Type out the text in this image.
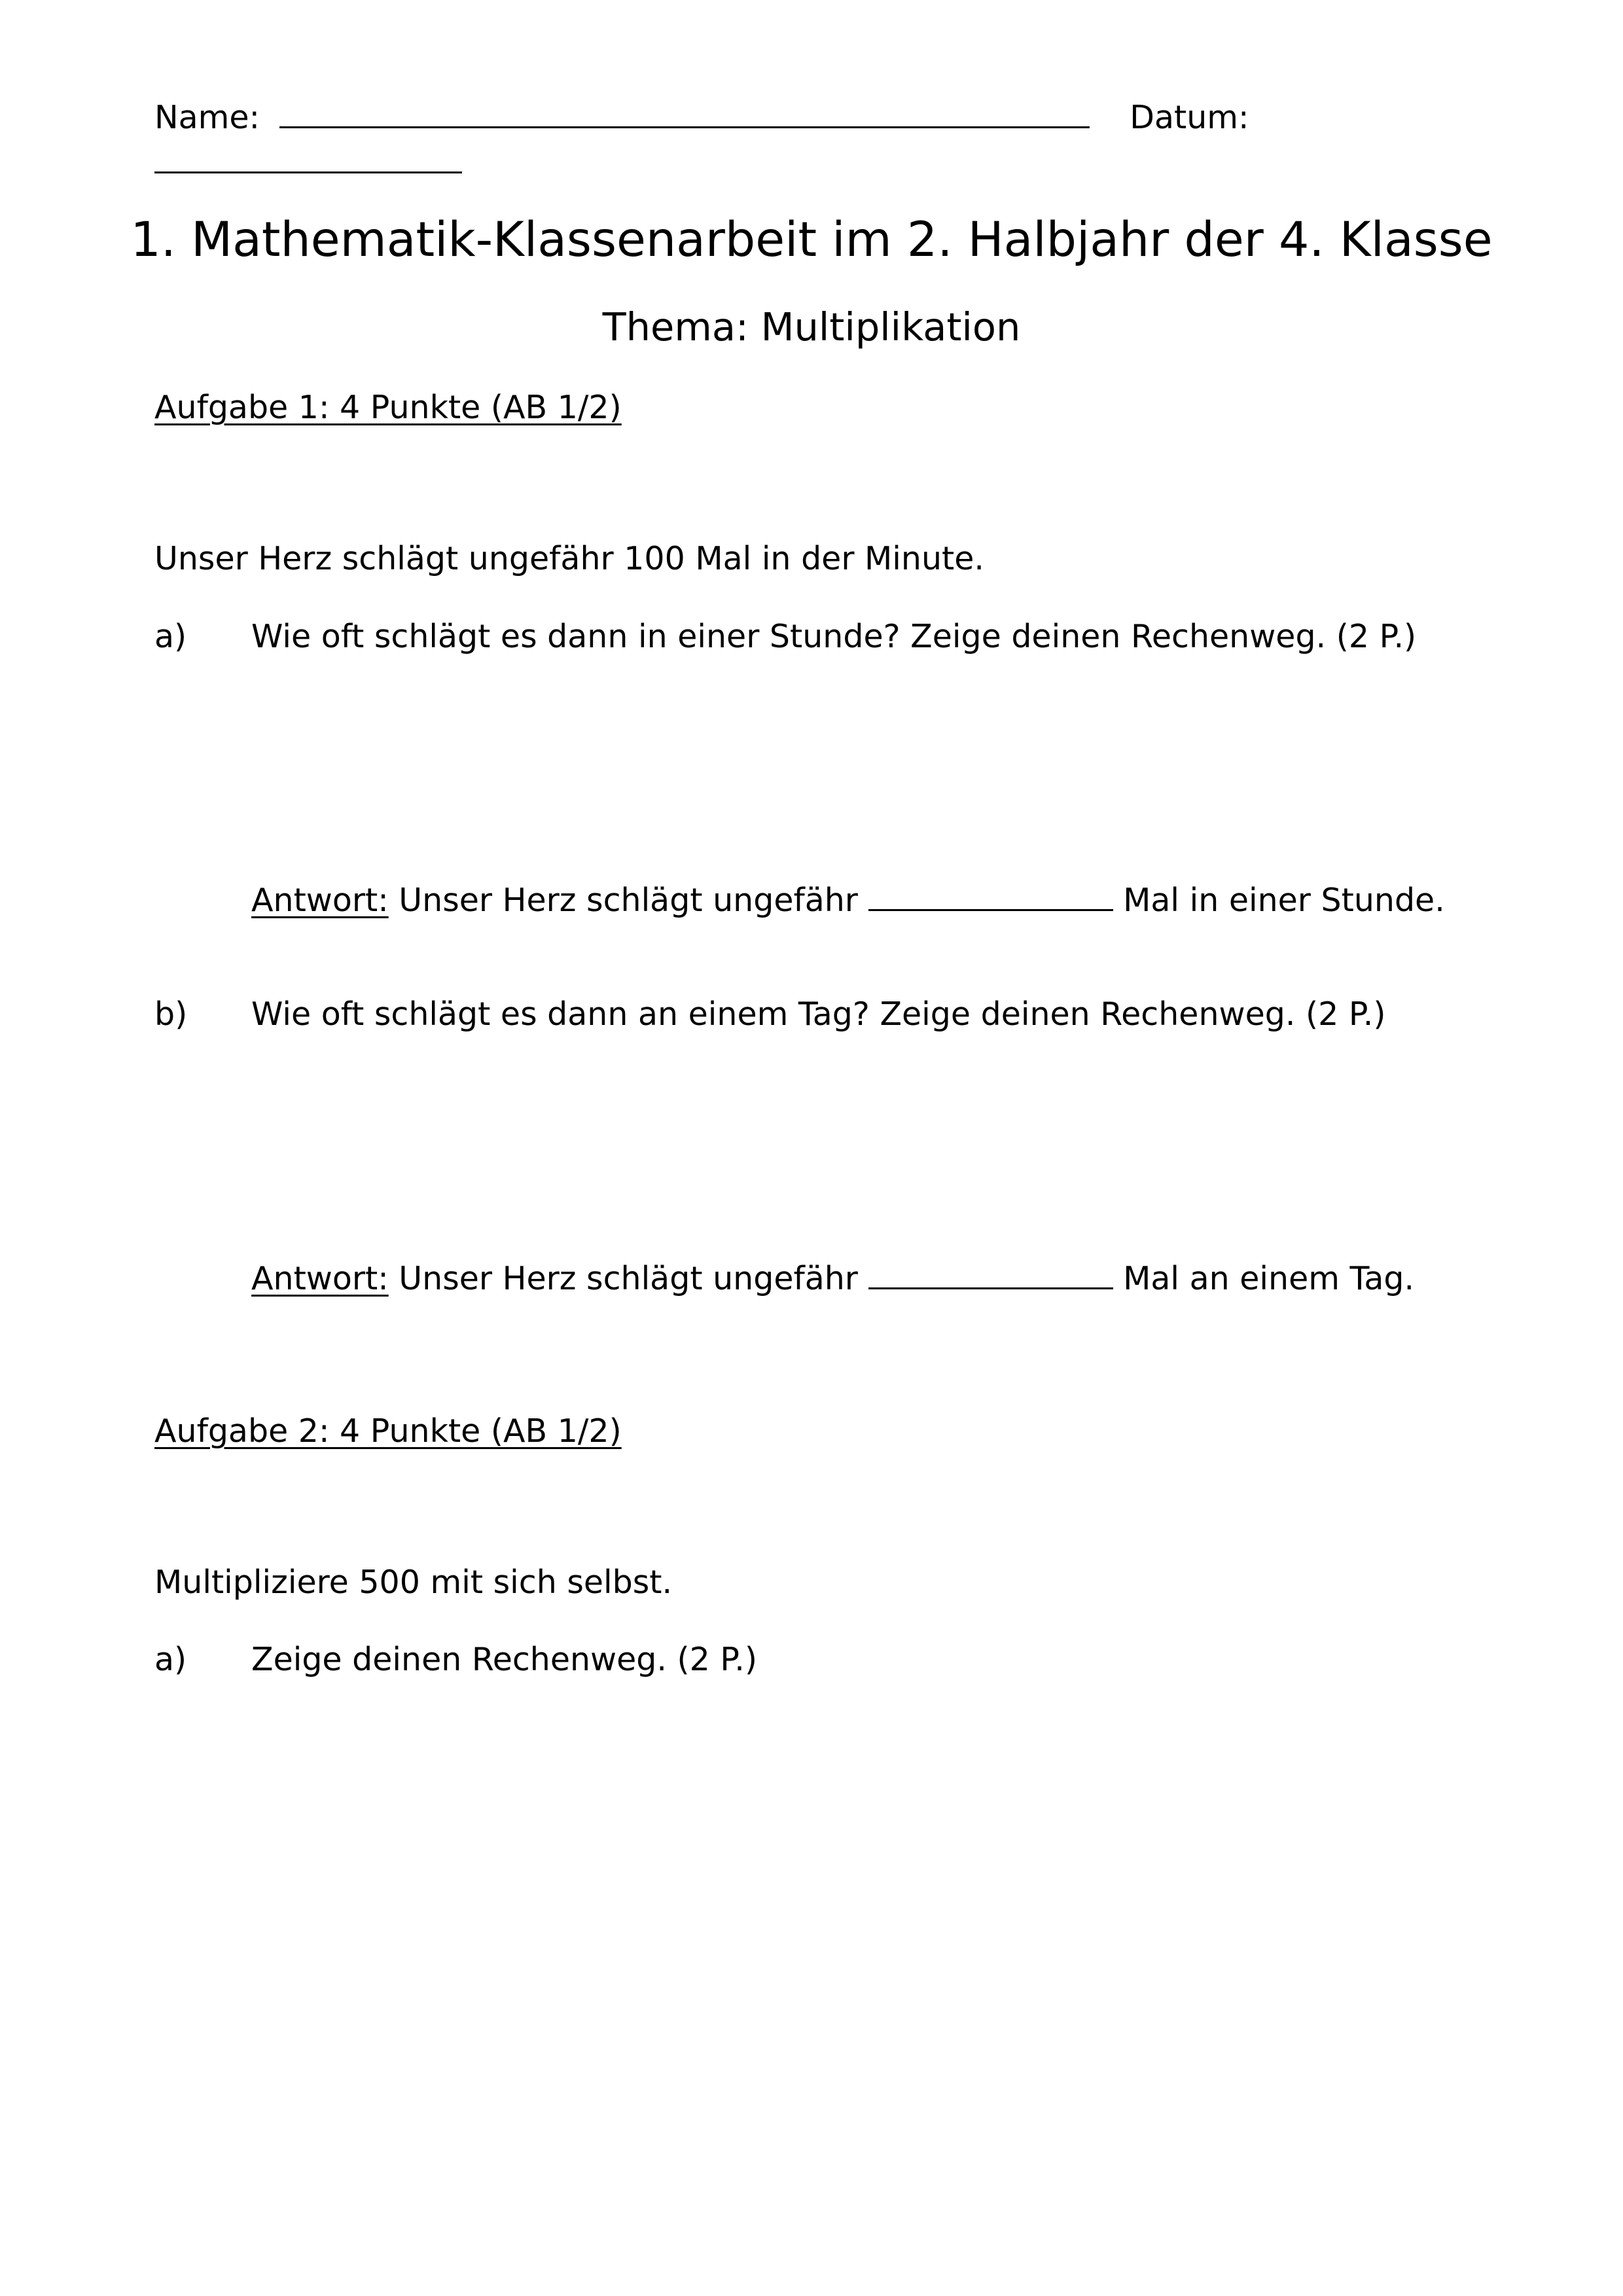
Name:	Datum:
1. Mathematik-Klassenarbeit im 2. Halbjahr der 4. Klasse
Thema: Multiplikation
Aufgabe 1: 4 Punkte (AB 1/2)
Unser Herz schlägt ungefähr 100 Mal in der Minute.
a) Wie oft schlägt es dann in einer Stunde? Zeige deinen Rechenweg. (2 P.)
Antwort: Unser Herz schlägt ungefähr	Mal in einer Stunde.
b) Wie oft schlägt es dann an einem Tag? Zeige deinen Rechenweg. (2 P.)
Antwort: Unser Herz schlägt ungefähr	Mal an einem Tag.
Aufgabe 2: 4 Punkte (AB 1/2)
Multipliziere 500 mit sich selbst.
a) Zeige deinen Rechenweg. (2 P.)
